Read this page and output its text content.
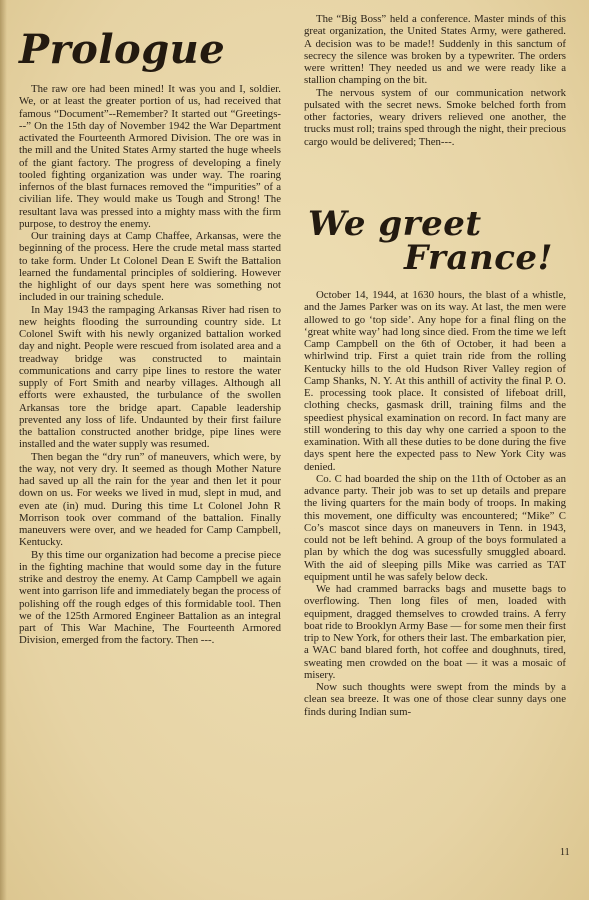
Prologue

The raw ore had been mined! It was you and I, soldier. We, or at least the greater portion of us, had received that famous “Document”--Remember? It started out “Greetings---” On the 15th day of November 1942 the War Department activated the Fourteenth Armored Division. The ore was in the mill and the United States Army started the huge wheels of the giant factory. The progress of developing a finely tooled fighting organization was under way. The roaring infernos of the blast furnaces removed the “impurities” of a civilian life. They would make us Tough and Strong! The resultant lava was pressed into a mighty mass with the firm purpose, to destroy the enemy.

Our training days at Camp Chaffee, Arkansas, were the beginning of the process. Here the crude metal mass started to take form. Under Lt Colonel Dean E Swift the Battalion learned the fundamental principles of soldiering. However the highlight of our days spent here was something not included in our training schedule.

In May 1943 the rampaging Arkansas River had risen to new heights flooding the surrounding country side. Lt Colonel Swift with his newly organized battalion worked day and night. People were rescued from isolated area and a treadway bridge was constructed to maintain communications and carry pipe lines to restore the water supply of Fort Smith and nearby villages. Although all efforts were exhausted, the turbulance of the swollen Arkansas tore the bridge apart. Capable leadership prevented any loss of life. Undaunted by their first failure the battalion constructed another bridge, pipe lines were installed and the water supply was resumed.

Then began the “dry run” of maneuvers, which were, by the way, not very dry. It seemed as though Mother Nature had saved up all the rain for the year and then let it pour down on us. For weeks we lived in mud, slept in mud, and even ate (in) mud. During this time Lt Colonel John R Morrison took over command of the battalion. Finally maneuvers were over, and we headed for Camp Campbell, Kentucky.

By this time our organization had become a precise piece in the fighting machine that would some day in the future strike and destroy the enemy. At Camp Campbell we again went into garrison life and immediately began the process of polishing off the rough edges of this formidable tool. Then we of the 125th Armored Engineer Battalion as an integral part of This War Machine, The Fourteenth Armored Division, emerged from the factory. Then ---.

The “Big Boss” held a conference. Master minds of this great organization, the United States Army, were gathered. A decision was to be made!! Suddenly in this sanctum of secrecy the silence was broken by a typewriter. The orders were written! They needed us and we were ready like a stallion champing on the bit.

The nervous system of our communication network pulsated with the secret news. Smoke belched forth from other factories, weary drivers relieved one another, the trucks must roll; trains sped through the night, their precious cargo would be delivered; Then---.

We greet
France!

October 14, 1944, at 1630 hours, the blast of a whistle, and the James Parker was on its way. At last, the men were allowed to go ‘top side’. Any hope for a final fling on the ‘great white way’ had long since died. From the time we left Camp Campbell on the 6th of October, it had been a whirlwind trip. First a quiet train ride from the rolling Kentucky hills to the old Hudson River Valley region of Camp Shanks, N. Y. At this anthill of activity the final P. O. E. processing took place. It consisted of lifeboat drill, clothing checks, gasmask drill, training films and the speediest physical examination on record. In fact many are still wondering to this day why one carried a spoon to the examination. With all these duties to be done during the five days spent here the expected pass to New York City was denied.

Co. C had boarded the ship on the 11th of October as an advance party. Their job was to set up details and prepare the living quarters for the main body of troops. In making this movement, one difficulty was encountered; “Mike” C Co’s mascot since days on maneuvers in Tenn. in 1943, could not be left behind. A group of the boys formulated a plan by which the dog was sucessfully smuggled aboard. With the aid of sleeping pills Mike was carried as TAT equipment until he was safely below deck.

We had crammed barracks bags and musette bags to overflowing. Then long files of men, loaded with equipment, dragged themselves to crowded trains. A ferry boat ride to Brooklyn Army Base — for some men their first trip to New York, for others their last. The embarkation pier, a WAC band blared forth, hot coffee and doughnuts, tired, sweating men crowded on the boat — it was a mosaic of misery.

Now such thoughts were swept from the minds by a clean sea breeze. It was one of those clear sunny days one finds during Indian sum-

11
